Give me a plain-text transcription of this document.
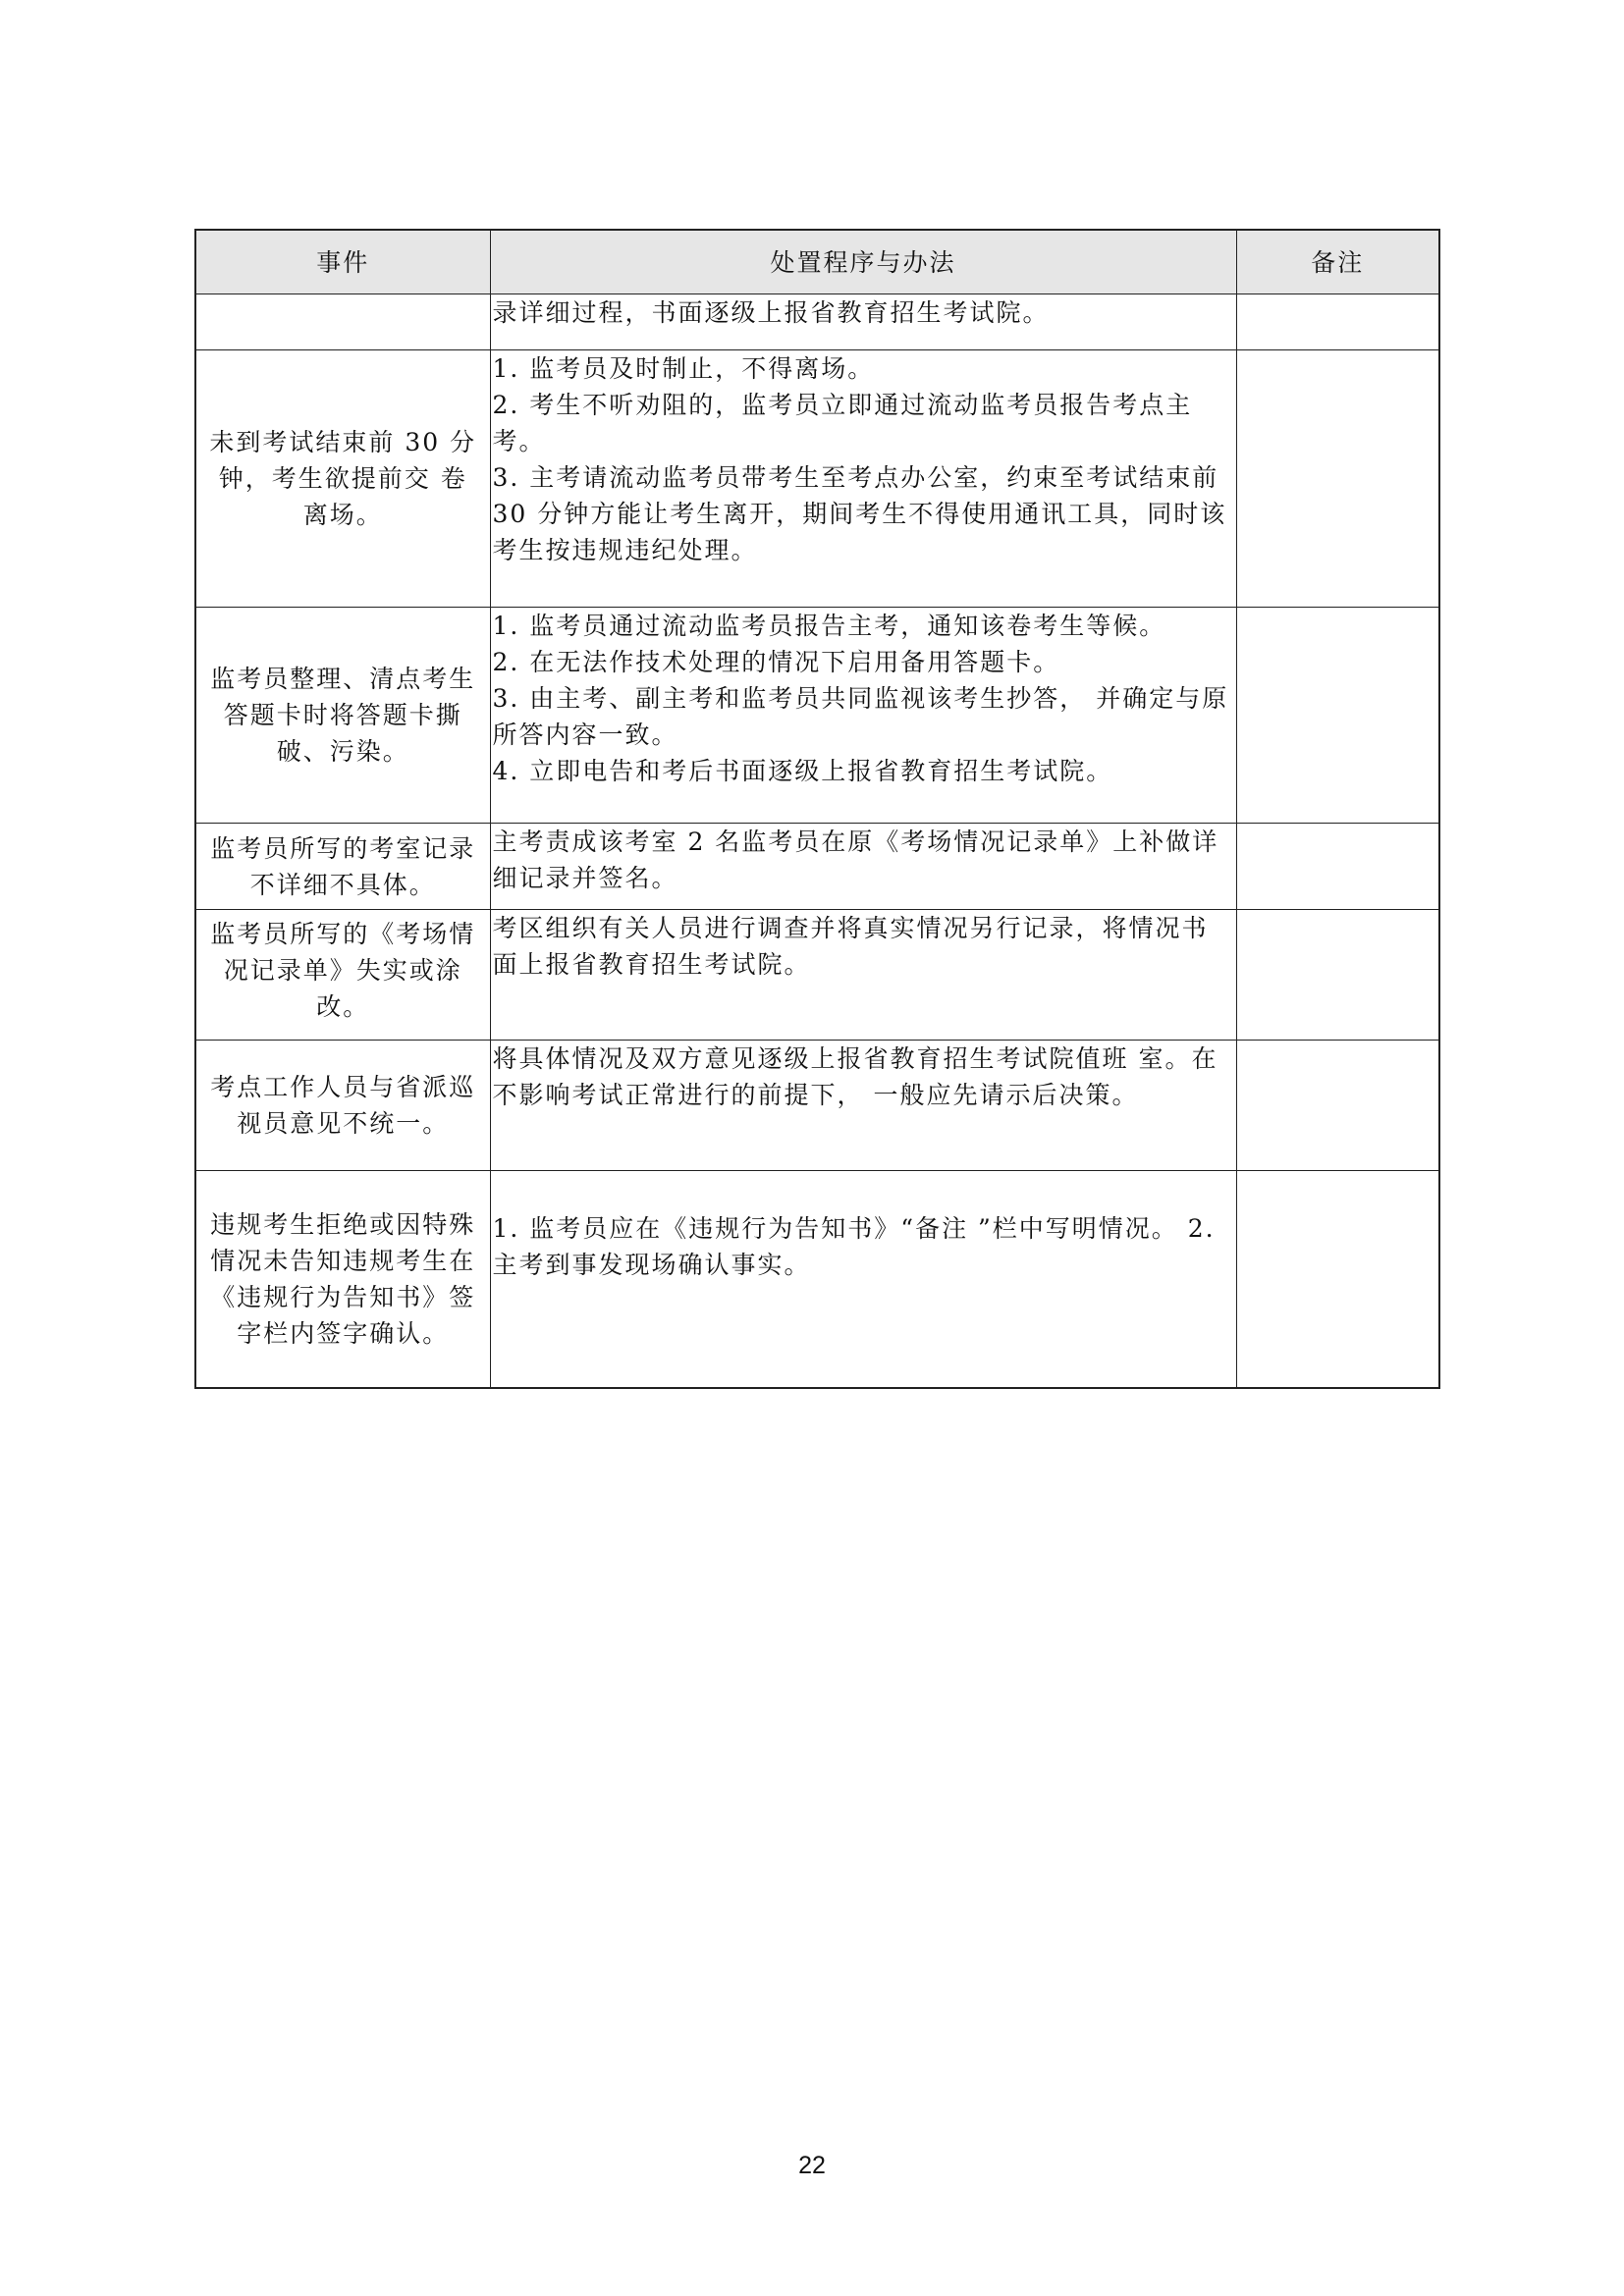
事件	处置程序与办法	备注

	录详细过程，书面逐级上报省教育招生考试院。	

未到考试结束前 30 分钟，考生欲提前交 卷离场。	1. 监考员及时制止，不得离场。
2. 考生不听劝阻的，监考员立即通过流动监考员报告考点主考。
3. 主考请流动监考员带考生至考点办公室，约束至考试结束前 30 分钟方能让考生离开，期间考生不得使用通讯工具，同时该考生按违规违纪处理。	

监考员整理、清点考生答题卡时将答题卡撕破、污染。	1. 监考员通过流动监考员报告主考，通知该卷考生等候。
2. 在无法作技术处理的情况下启用备用答题卡。
3. 由主考、副主考和监考员共同监视该考生抄答， 并确定与原所答内容一致。
4. 立即电告和考后书面逐级上报省教育招生考试院。	

监考员所写的考室记录不详细不具体。	主考责成该考室 2 名监考员在原《考场情况记录单》上补做详细记录并签名。	

监考员所写的《考场情况记录单》失实或涂改。	考区组织有关人员进行调查并将真实情况另行记录，将情况书面上报省教育招生考试院。	

考点工作人员与省派巡视员意见不统一。	将具体情况及双方意见逐级上报省教育招生考试院值班 室。在不影响考试正常进行的前提下， 一般应先请示后决策。	

违规考生拒绝或因特殊情况未告知违规考生在《违规行为告知书》签字栏内签字确认。	1. 监考员应在《违规行为告知书》“备注 ”栏中写明情况。 2. 主考到事发现场确认事实。	

22
